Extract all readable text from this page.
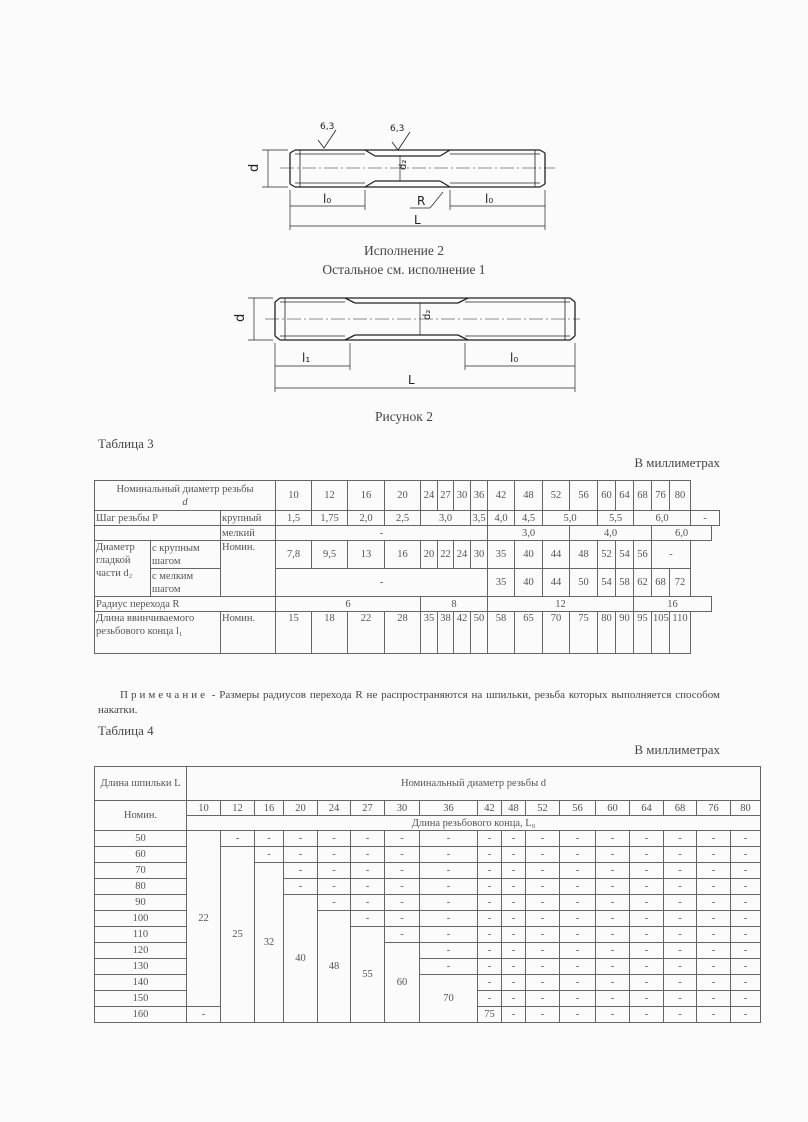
d
l₀	l₀
L
R
d₂
6,3	6,3
Исполнение 2
Остальное см. исполнение 1
d
l₁	l₀
L
d₂
Рисунок 2
Таблица 3
В миллиметрах
Номинальный диаметр резьбы
d			10	12	16	20	24	27	30	36	42	48	52	56	60	64	68	76	80	
Шаг резьбы P		крупный	1,5	1,75	2,0	2,5	3,0			3,5	4,0	4,5	5,0		5,5		6,0			-
		мелкий	-								3,0			4,0				6,0		
Диаметр гладкой части d₂	с крупным шагом	Номин.	7,8	9,5	13	16	20	22	24	30	35	40	44	48	52	54	56	-		
	с мелким шагом		-								35	40	44	50	54	58	62	68	72	
Радиус перехода R			6				8				12						16			
Длина ввинчиваемого резьбового конца l₁		Номин.	15	18	22	28	35	38	42	50	58	65	70	75	80	90	95	105	110	
Примечание - Размеры радиусов перехода R не распространяются на шпильки, резьба которых выполняется способом накатки.
Таблица 4
В миллиметрах
Длина шпильки L	Номинальный диаметр резьбы d																
Номин.	10	12	16	20	24	27	30	36	42	48	52	56	60	64	68	76	80
	Длина резьбового конца, L₀																
50	22	-	-	-	-	-	-	-	-	-	-	-	-	-	-	-	-
60		25	-	-	-	-	-	-	-	-	-	-	-	-	-	-	-
70			32	-	-	-	-	-	-	-	-	-	-	-	-	-	-
80				-	-	-	-	-	-	-	-	-	-	-	-	-	-
90				40	-	-	-	-	-	-	-	-	-	-	-	-	-
100					48	-	-	-	-	-	-	-	-	-	-	-	-
110						55	-	-	-	-	-	-	-	-	-	-	-
120							60	-	-	-	-	-	-	-	-	-	-
130								-	-	-	-	-	-	-	-	-	-
140								70	-	-	-	-	-	-	-	-	-
150									-	-	-	-	-	-	-	-	-
160	-								75	-	-	-	-	-	-	-	-
